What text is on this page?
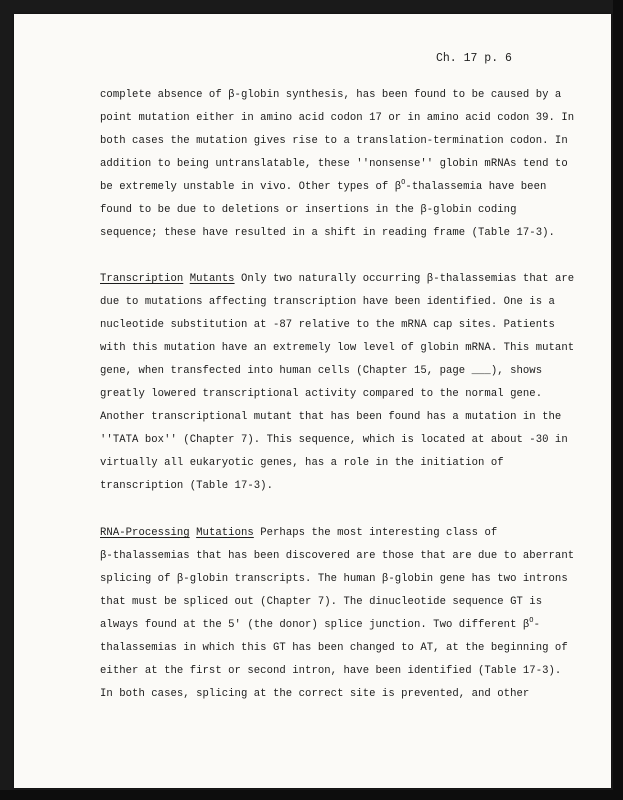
Ch. 17 p. 6
complete absence of β-globin synthesis, has been found to be caused by a
point mutation either in amino acid codon 17 or in amino acid codon 39. In
both cases the mutation gives rise to a translation-termination codon. In
addition to being untranslatable, these ''nonsense'' globin mRNAs tend to
be extremely unstable in vivo. Other types of $\beta^O$-thalassemia have been
found to be due to deletions or insertions in the β-globin coding
sequence; these have resulted in a shift in reading frame (Table 17-3).
Transcription Mutants Only two naturally occurring β-thalassemias that are
due to mutations affecting transcription have been identified. One is a
nucleotide substitution at -87 relative to the mRNA cap sites. Patients
with this mutation have an extremely low level of globin mRNA. This mutant
gene, when transfected into human cells (Chapter 15, page ___), shows
greatly lowered transcriptional activity compared to the normal gene.
Another transcriptional mutant that has been found has a mutation in the
''TATA box'' (Chapter 7). This sequence, which is located at about -30 in
virtually all eukaryotic genes, has a role in the initiation of
transcription (Table 17-3).
RNA-Processing Mutations Perhaps the most interesting class of
β-thalassemias that has been discovered are those that are due to aberrant
splicing of β-globin transcripts. The human β-globin gene has two introns
that must be spliced out (Chapter 7). The dinucleotide sequence GT is
always found at the 5' (the donor) splice junction. Two different $\beta^O-$
thalassemias in which this GT has been changed to AT, at the beginning of
either at the first or second intron, have been identified (Table 17-3).
In both cases, splicing at the correct site is prevented, and other
